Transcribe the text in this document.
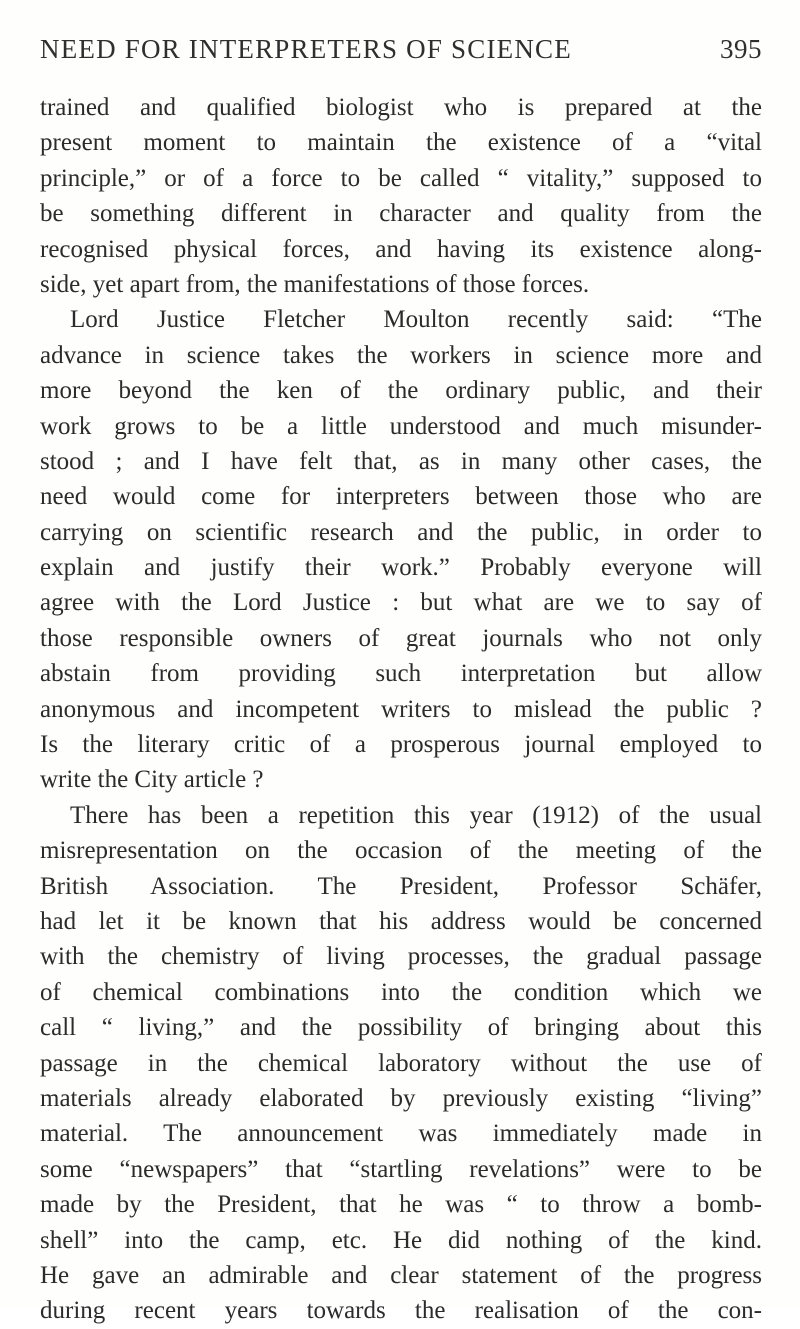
NEED FOR INTERPRETERS OF SCIENCE	395
trained and qualified biologist who is prepared at the
present moment to maintain the existence of a “vital
principle,” or of a force to be called “ vitality,” supposed to
be something different in character and quality from the
recognised physical forces, and having its existence along-
side, yet apart from, the manifestations of those forces.
Lord Justice Fletcher Moulton recently said: “The
advance in science takes the workers in science more and
more beyond the ken of the ordinary public, and their
work grows to be a little understood and much misunder-
stood ; and I have felt that, as in many other cases, the
need would come for interpreters between those who are
carrying on scientific research and the public, in order to
explain and justify their work.” Probably everyone will
agree with the Lord Justice : but what are we to say of
those responsible owners of great journals who not only
abstain from providing such interpretation but allow
anonymous and incompetent writers to mislead the public ?
Is the literary critic of a prosperous journal employed to
write the City article ?
There has been a repetition this year (1912) of the usual
misrepresentation on the occasion of the meeting of the
British Association. The President, Professor Schäfer,
had let it be known that his address would be concerned
with the chemistry of living processes, the gradual passage
of chemical combinations into the condition which we
call “ living,” and the possibility of bringing about this
passage in the chemical laboratory without the use of
materials already elaborated by previously existing “living”
material. The announcement was immediately made in
some “newspapers” that “startling revelations” were to be
made by the President, that he was “ to throw a bomb-
shell” into the camp, etc. He did nothing of the kind.
He gave an admirable and clear statement of the progress
during recent years towards the realisation of the con-
